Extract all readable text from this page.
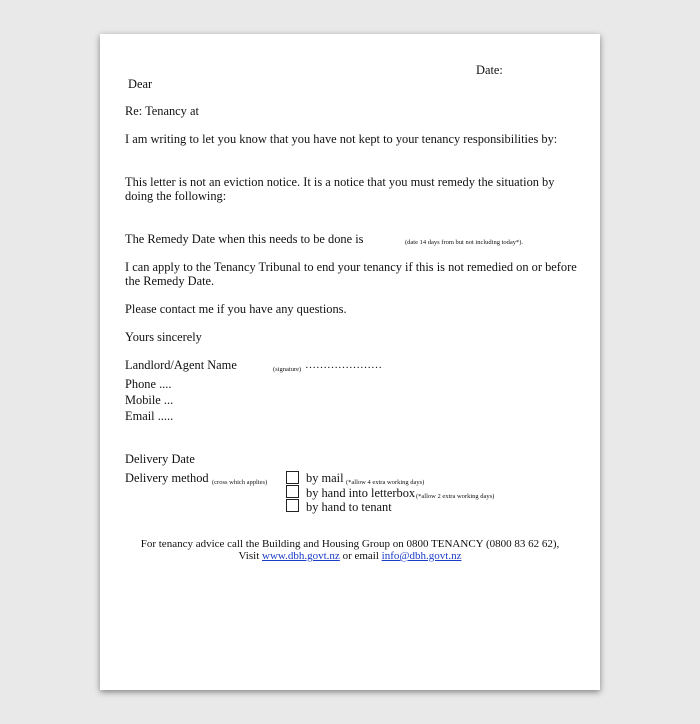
Date:
Dear
Re: Tenancy at
I am writing to let you know that you have not kept to your tenancy responsibilities by:
This letter is not an eviction notice. It is a notice that you must remedy the situation by
doing the following:
The Remedy Date when this needs to be done is	(date 14 days from but not including today*).
I can apply to the Tenancy Tribunal to end your tenancy if this is not remedied on or before
the Remedy Date.
Please contact me if you have any questions.
Yours sincerely
Landlord/Agent Name	(signature) …………………
Phone ....
Mobile ...
Email .....
Delivery Date
Delivery method (cross which applies)	by mail (*allow 4 extra working days)
by hand into letterbox (*allow 2 extra working days)
by hand to tenant
For tenancy advice call the Building and Housing Group on 0800 TENANCY (0800 83 62 62),
Visit www.dbh.govt.nz or email info@dbh.govt.nz
